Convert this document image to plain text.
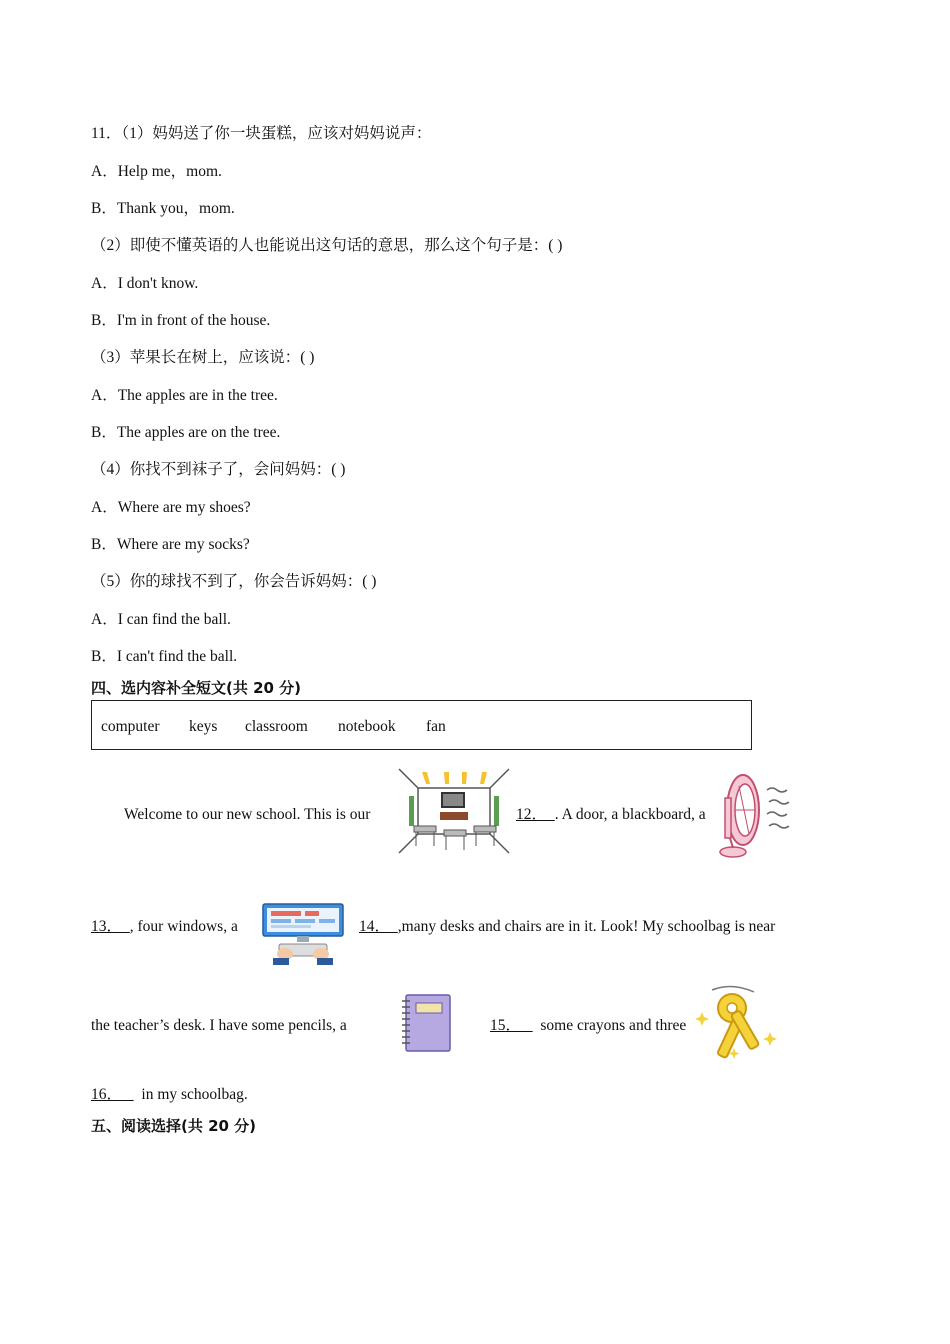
11．（1）妈妈送了你一块蛋糕，应该对妈妈说声：
A．Help me，mom.
B．Thank you，mom.
（2）即使不懂英语的人也能说出这句话的意思，那么这个句子是：( )
A．I don't know.
B．I'm in front of the house.
（3）苹果长在树上，应该说：( )
A．The apples are in the tree.
B．The apples are on the tree.
（4）你找不到袜子了，会问妈妈：( )
A．Where are my shoes?
B．Where are my socks?
（5）你的球找不到了，你会告诉妈妈：( )
A．I can find the ball.
B．I can't find the ball.
四、选内容补全短文(共 20 分)
computer keys classroom notebook fan
Welcome to our new school. This is our	12． . A door, a blackboard, a
13． , four windows, a	14． ,many desks and chairs are in it. Look! My schoolbag is near
the teacher’s desk. I have some pencils, a	15． some crayons and three
16． in my schoolbag.
五、阅读选择(共 20 分)
